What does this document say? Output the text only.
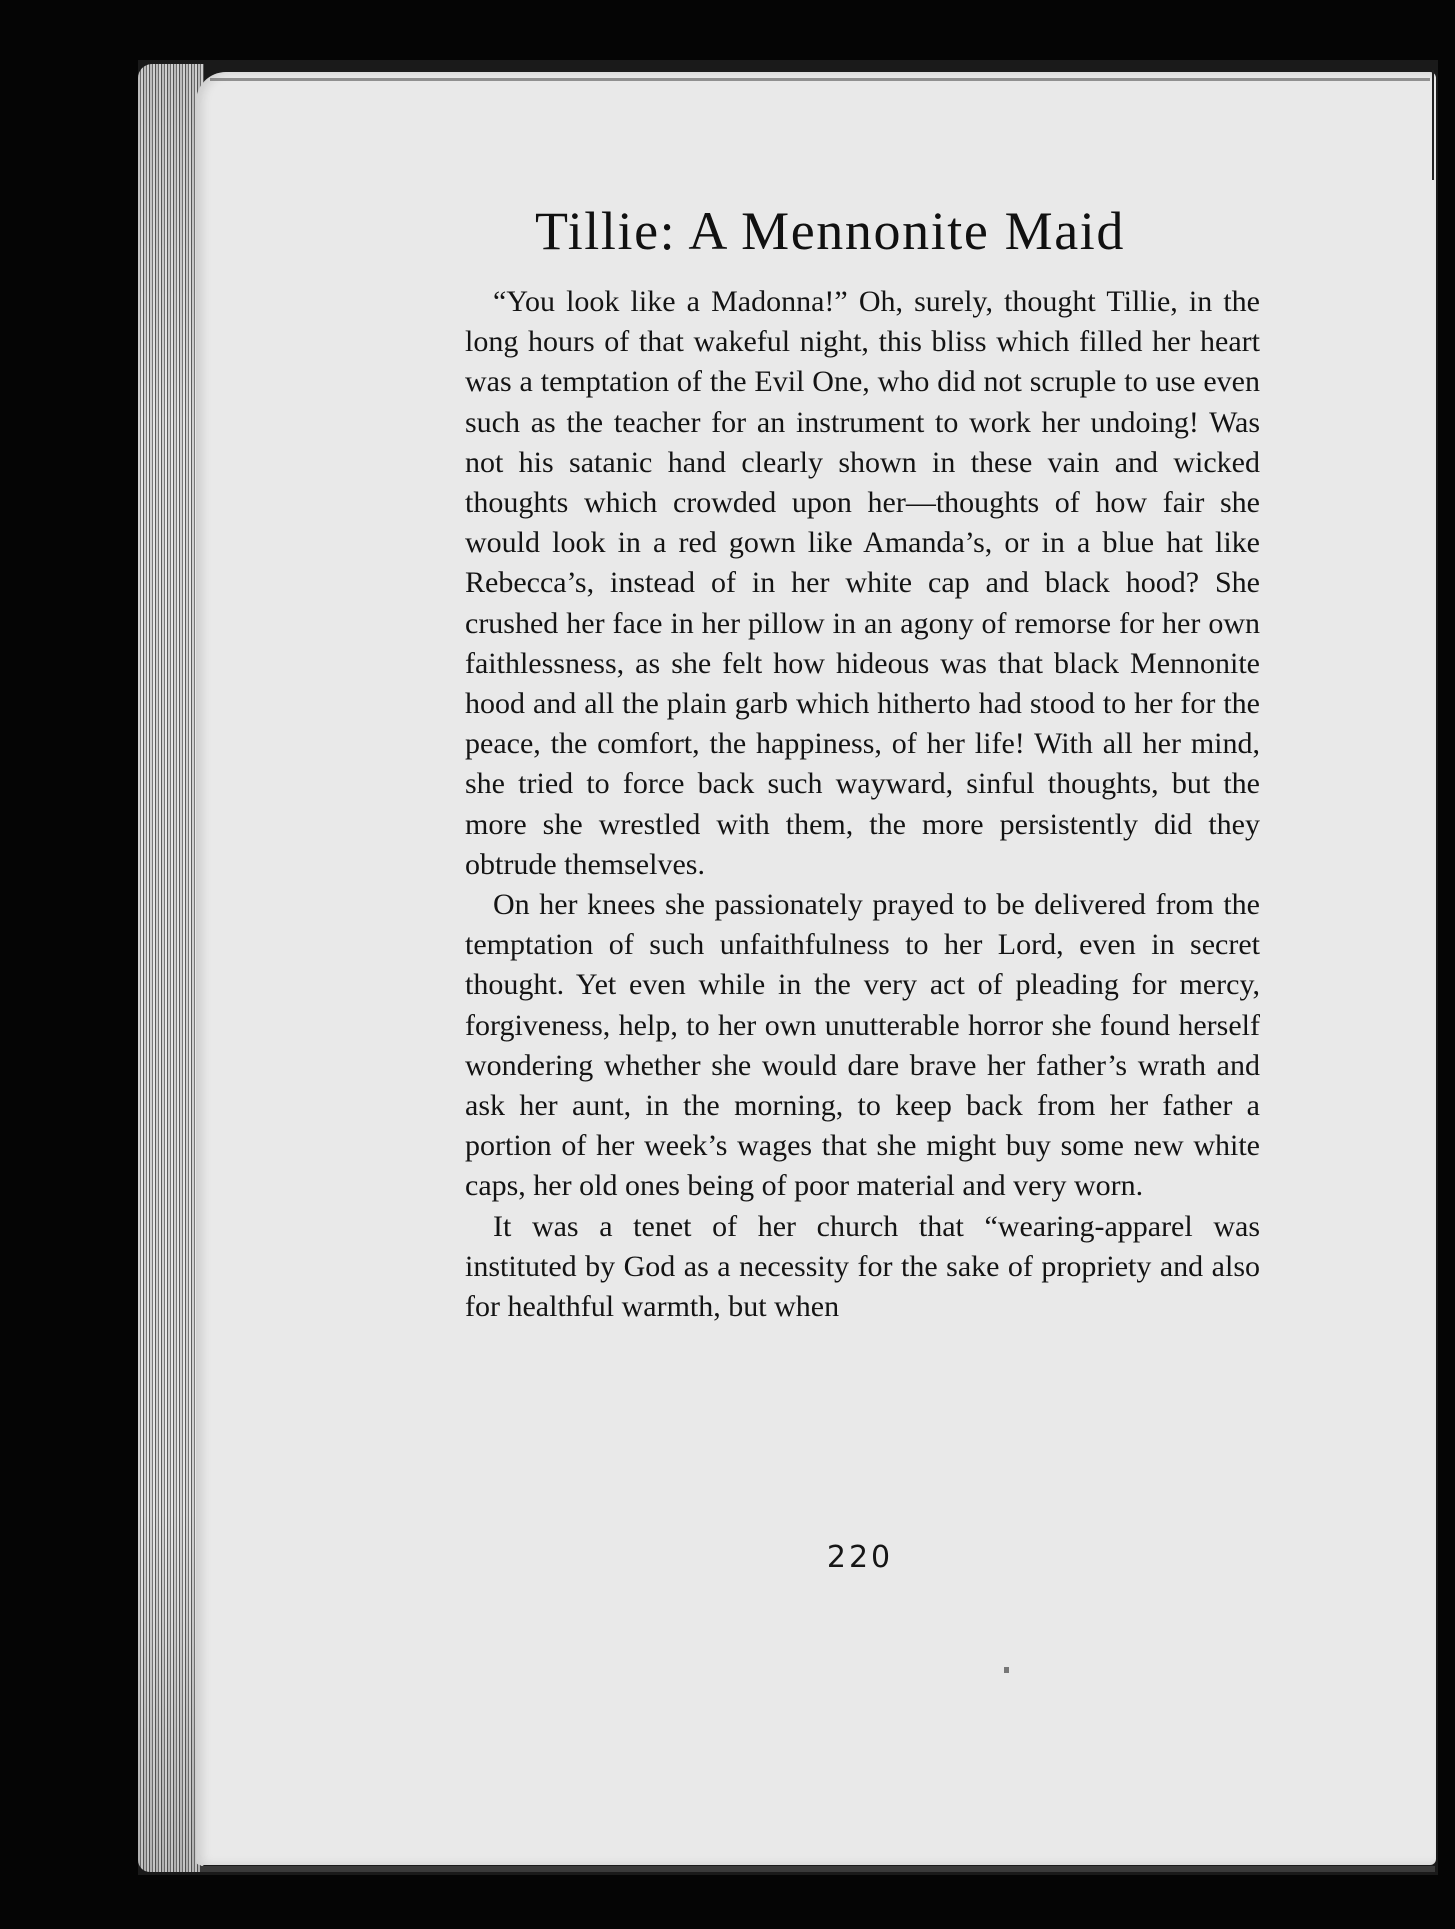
Tillie: A Mennonite Maid

“You look like a Madonna!” Oh, surely, thought Tillie, in the long hours of that wakeful night, this bliss which filled her heart was a temptation of the Evil One, who did not scruple to use even such as the teacher for an instrument to work her undoing! Was not his satanic hand clearly shown in these vain and wicked thoughts which crowded upon her—thoughts of how fair she would look in a red gown like Amanda’s, or in a blue hat like Rebecca’s, instead of in her white cap and black hood? She crushed her face in her pillow in an agony of remorse for her own faithlessness, as she felt how hideous was that black Mennonite hood and all the plain garb which hitherto had stood to her for the peace, the comfort, the happiness, of her life! With all her mind, she tried to force back such wayward, sinful thoughts, but the more she wrestled with them, the more persistently did they obtrude themselves.

On her knees she passionately prayed to be delivered from the temptation of such unfaithfulness to her Lord, even in secret thought. Yet even while in the very act of pleading for mercy, forgiveness, help, to her own unutterable horror she found herself wondering whether she would dare brave her father’s wrath and ask her aunt, in the morning, to keep back from her father a portion of her week’s wages that she might buy some new white caps, her old ones being of poor material and very worn.

It was a tenet of her church that “wearing-apparel was instituted by God as a necessity for the sake of propriety and also for healthful warmth, but when

220
